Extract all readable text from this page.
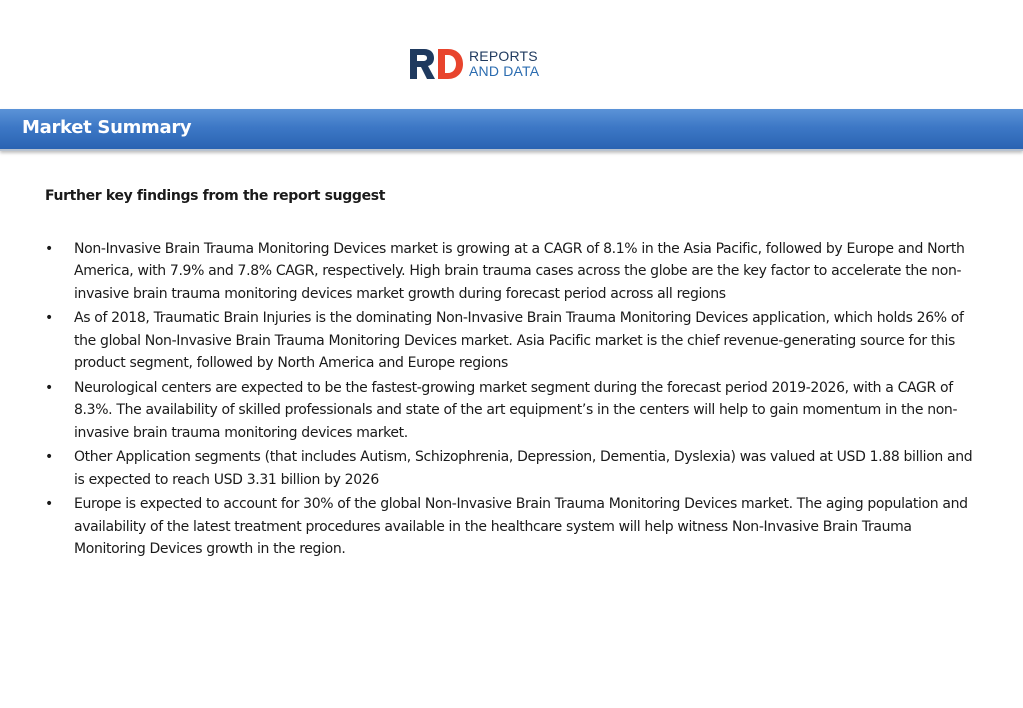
REPORTS
AND DATA
Market Summary

Further key findings from the report suggest

• Non-Invasive Brain Trauma Monitoring Devices market is growing at a CAGR of 8.1% in the Asia Pacific, followed by Europe and North America, with 7.9% and 7.8% CAGR, respectively. High brain trauma cases across the globe are the key factor to accelerate the non-invasive brain trauma monitoring devices market growth during forecast period across all regions
• As of 2018, Traumatic Brain Injuries is the dominating Non-Invasive Brain Trauma Monitoring Devices application, which holds 26% of the global Non-Invasive Brain Trauma Monitoring Devices market. Asia Pacific market is the chief revenue-generating source for this product segment, followed by North America and Europe regions
• Neurological centers are expected to be the fastest-growing market segment during the forecast period 2019-2026, with a CAGR of 8.3%. The availability of skilled professionals and state of the art equipment’s in the centers will help to gain momentum in the non-invasive brain trauma monitoring devices market.
• Other Application segments (that includes Autism, Schizophrenia, Depression, Dementia, Dyslexia) was valued at USD 1.88 billion and is expected to reach USD 3.31 billion by 2026
• Europe is expected to account for 30% of the global Non-Invasive Brain Trauma Monitoring Devices market. The aging population and availability of the latest treatment procedures available in the healthcare system will help witness Non-Invasive Brain Trauma Monitoring Devices growth in the region.
